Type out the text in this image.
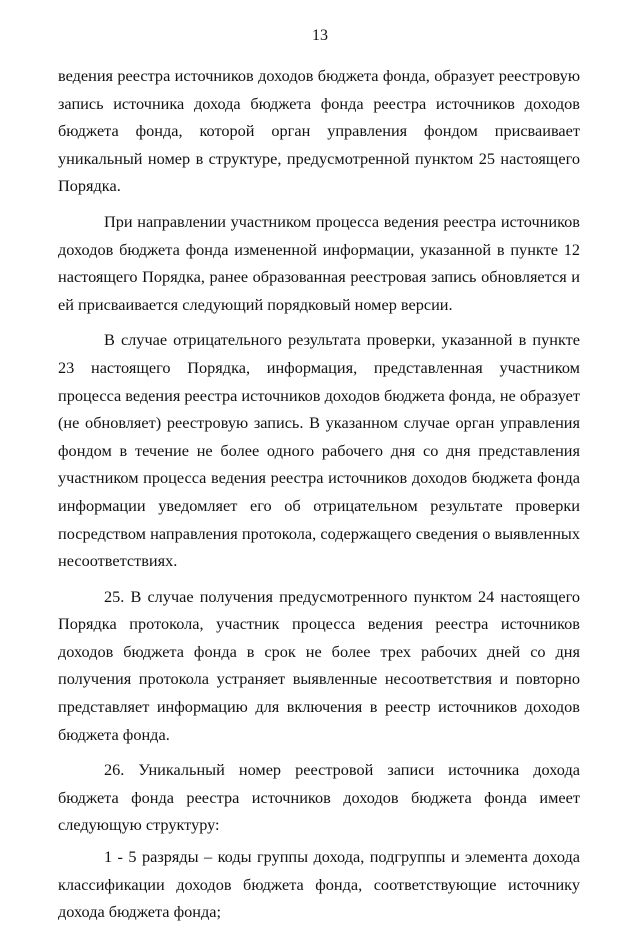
13

ведения реестра источников доходов бюджета фонда, образует реестровую запись источника дохода бюджета фонда реестра источников доходов бюджета фонда, которой орган управления фондом присваивает уникальный номер в структуре, предусмотренной пунктом 25 настоящего Порядка.

При направлении участником процесса ведения реестра источников доходов бюджета фонда измененной информации, указанной в пункте 12 настоящего Порядка, ранее образованная реестровая запись обновляется и ей присваивается следующий порядковый номер версии.

В случае отрицательного результата проверки, указанной в пункте 23 настоящего Порядка, информация, представленная участником процесса ведения реестра источников доходов бюджета фонда, не образует (не обновляет) реестровую запись. В указанном случае орган управления фондом в течение не более одного рабочего дня со дня представления участником процесса ведения реестра источников доходов бюджета фонда информации уведомляет его об отрицательном результате проверки посредством направления протокола, содержащего сведения о выявленных несоответствиях.

25. В случае получения предусмотренного пунктом 24 настоящего Порядка протокола, участник процесса ведения реестра источников доходов бюджета фонда в срок не более трех рабочих дней со дня получения протокола устраняет выявленные несоответствия и повторно представляет информацию для включения в реестр источников доходов бюджета фонда.

26. Уникальный номер реестровой записи источника дохода бюджета фонда реестра источников доходов бюджета фонда имеет следующую структуру:

1 - 5 разряды – коды группы дохода, подгруппы и элемента дохода классификации доходов бюджета фонда, соответствующие источнику дохода бюджета фонда;
